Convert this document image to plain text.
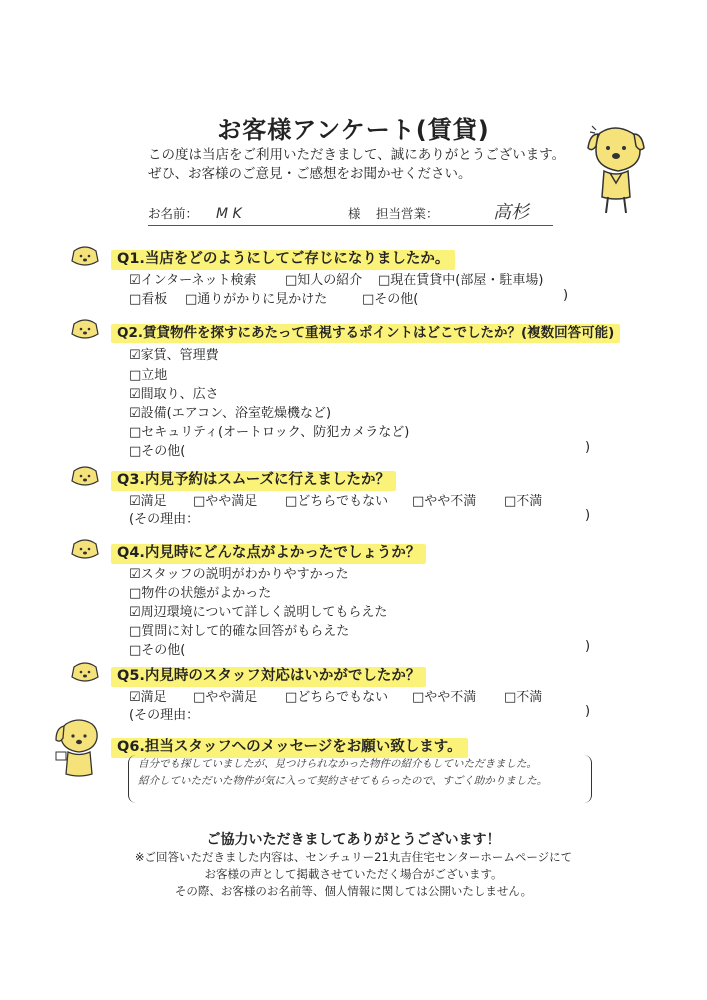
お客様アンケート(賃貸)
この度は当店をご利用いただきまして、誠にありがとうございます。
ぜひ、お客様のご意見・ご感想をお聞かせください。
お名前： M K	様 担当営業：	高杉
Q1.当店をどのようにしてご存じになりましたか。
☑インターネット検索 □知人の紹介 □現在賃貸中(部屋・駐車場)
□看板 □通りがかりに見かけた	□その他(	)
Q2.賃貸物件を探すにあたって重視するポイントはどこでしたか？(複数回答可能)
☑家賃、管理費
□立地
☑間取り、広さ
☑設備(エアコン、浴室乾燥機など)
□セキュリティ(オートロック、防犯カメラなど)
□その他(	)
Q3.内見予約はスムーズに行えましたか？
☑満足 □やや満足 □どちらでもない □やや不満 □不満
(その理由：	)
Q4.内見時にどんな点がよかったでしょうか？
☑スタッフの説明がわかりやすかった
□物件の状態がよかった
☑周辺環境について詳しく説明してもらえた
□質問に対して的確な回答がもらえた
□その他(	)
Q5.内見時のスタッフ対応はいかがでしたか？
☑満足 □やや満足 □どちらでもない □やや不満 □不満
(その理由：	)
Q6.担当スタッフへのメッセージをお願い致します。
自分でも探していましたが、見つけられなかった物件の紹介もしていただきました。
紹介していただいた物件が気に入って契約させてもらったので、すごく助かりました。
ご協力いただきましてありがとうございます！
※ご回答いただきました内容は、センチュリー21丸吉住宅センターホームページにて
お客様の声として掲載させていただく場合がございます。
その際、お客様のお名前等、個人情報に関しては公開いたしません。
